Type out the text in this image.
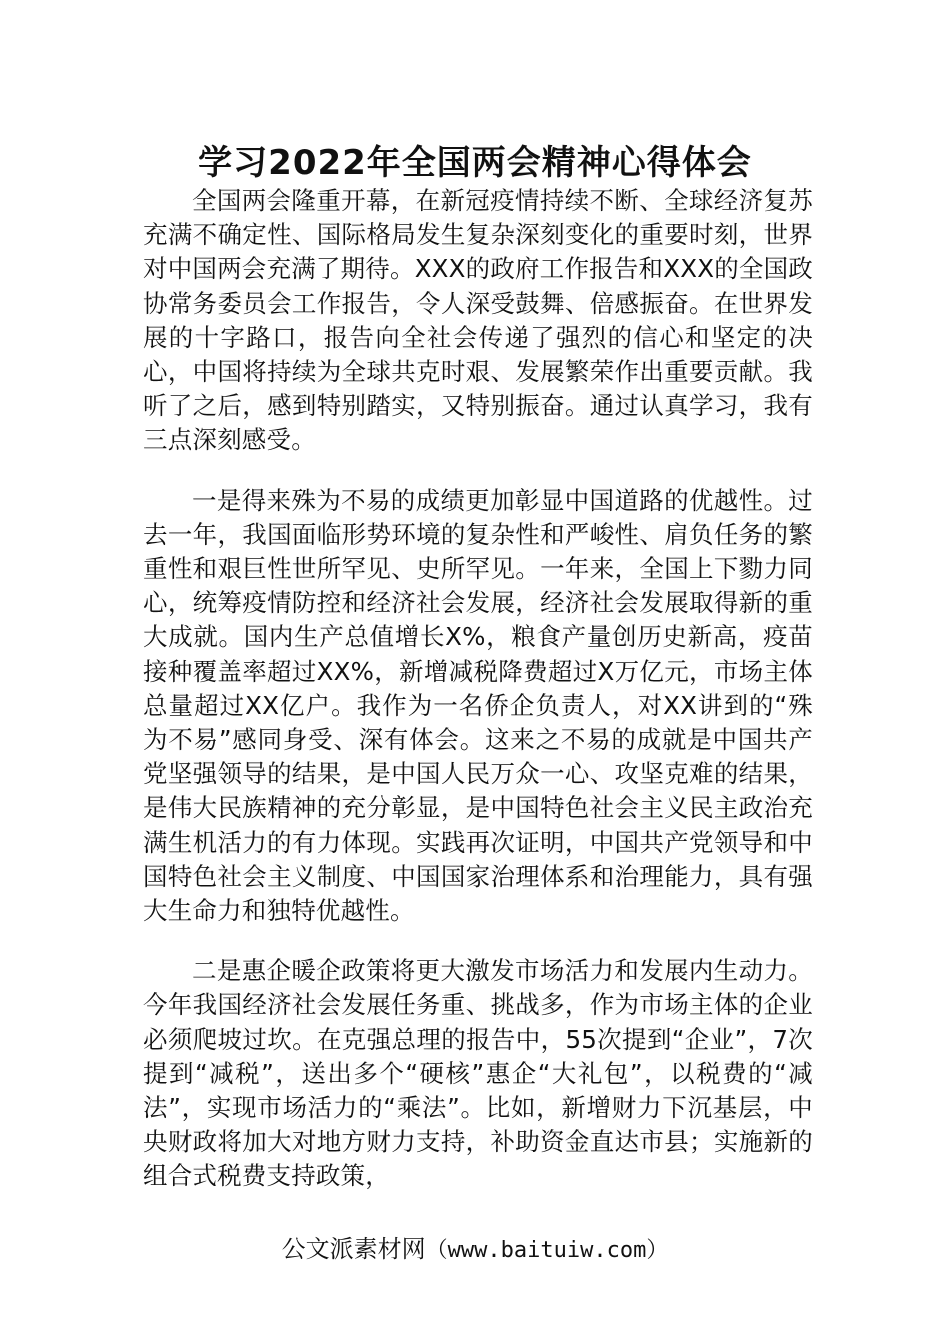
学习2022年全国两会精神心得体会

全国两会隆重开幕，在新冠疫情持续不断、全球经济复苏充满不确定性、国际格局发生复杂深刻变化的重要时刻，世界对中国两会充满了期待。XXX的政府工作报告和XXX的全国政协常务委员会工作报告，令人深受鼓舞、倍感振奋。在世界发展的十字路口，报告向全社会传递了强烈的信心和坚定的决心，中国将持续为全球共克时艰、发展繁荣作出重要贡献。我听了之后，感到特别踏实，又特别振奋。通过认真学习，我有三点深刻感受。

一是得来殊为不易的成绩更加彰显中国道路的优越性。过去一年，我国面临形势环境的复杂性和严峻性、肩负任务的繁重性和艰巨性世所罕见、史所罕见。一年来，全国上下勠力同心，统筹疫情防控和经济社会发展，经济社会发展取得新的重大成就。国内生产总值增长X%，粮食产量创历史新高，疫苗接种覆盖率超过XX%，新增减税降费超过X万亿元，市场主体总量超过XX亿户。我作为一名侨企负责人，对XX讲到的“殊为不易”感同身受、深有体会。这来之不易的成就是中国共产党坚强领导的结果，是中国人民万众一心、攻坚克难的结果，是伟大民族精神的充分彰显，是中国特色社会主义民主政治充满生机活力的有力体现。实践再次证明，中国共产党领导和中国特色社会主义制度、中国国家治理体系和治理能力，具有强大生命力和独特优越性。

二是惠企暖企政策将更大激发市场活力和发展内生动力。今年我国经济社会发展任务重、挑战多，作为市场主体的企业必须爬坡过坎。在克强总理的报告中，55次提到“企业”，7次提到“减税”，送出多个“硬核”惠企“大礼包”，以税费的“减法”，实现市场活力的“乘法”。比如，新增财力下沉基层，中央财政将加大对地方财力支持，补助资金直达市县；实施新的组合式税费支持政策，

公文派素材网（www.baituiw.com）
